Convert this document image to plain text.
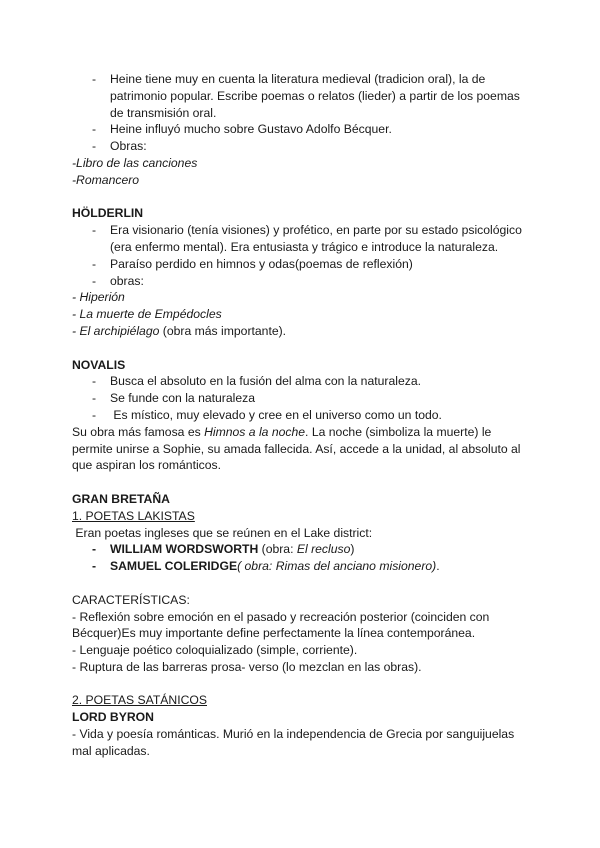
- Heine tiene muy en cuenta la literatura medieval (tradicion oral), la de patrimonio popular. Escribe poemas o relatos (lieder) a partir de los poemas de transmisión oral.
- Heine influyó mucho sobre Gustavo Adolfo Bécquer.
- Obras:

-Libro de las canciones

-Romancero

HÖLDERLIN

- Era visionario (tenía visiones) y profético, en parte por su estado psicológico (era enfermo mental). Era entusiasta y trágico e introduce la naturaleza.
- Paraíso perdido en himnos y odas(poemas de reflexión)
- obras:

- Hiperión

- La muerte de Empédocles

- El archipiélago (obra más importante).

NOVALIS

- Busca el absoluto en la fusión del alma con la naturaleza.
- Se funde con la naturaleza
- Es místico, muy elevado y cree en el universo como un todo.

Su obra más famosa es Himnos a la noche. La noche (simboliza la muerte) le permite unirse a Sophie, su amada fallecida. Así, accede a la unidad, al absoluto al que aspiran los románticos.

GRAN BRETAÑA

1. POETAS LAKISTAS

Eran poetas ingleses que se reúnen en el Lake district:

- WILLIAM WORDSWORTH (obra: El recluso)
- SAMUEL COLERIDGE( obra: Rimas del anciano misionero).

CARACTERÍSTICAS:

- Reflexión sobre emoción en el pasado y recreación posterior (coinciden con Bécquer)Es muy importante define perfectamente la línea contemporánea.

- Lenguaje poético coloquializado (simple, corriente).

- Ruptura de las barreras prosa- verso (lo mezclan en las obras).

2. POETAS SATÁNICOS

LORD BYRON

- Vida y poesía románticas. Murió en la independencia de Grecia por sanguijuelas mal aplicadas.
